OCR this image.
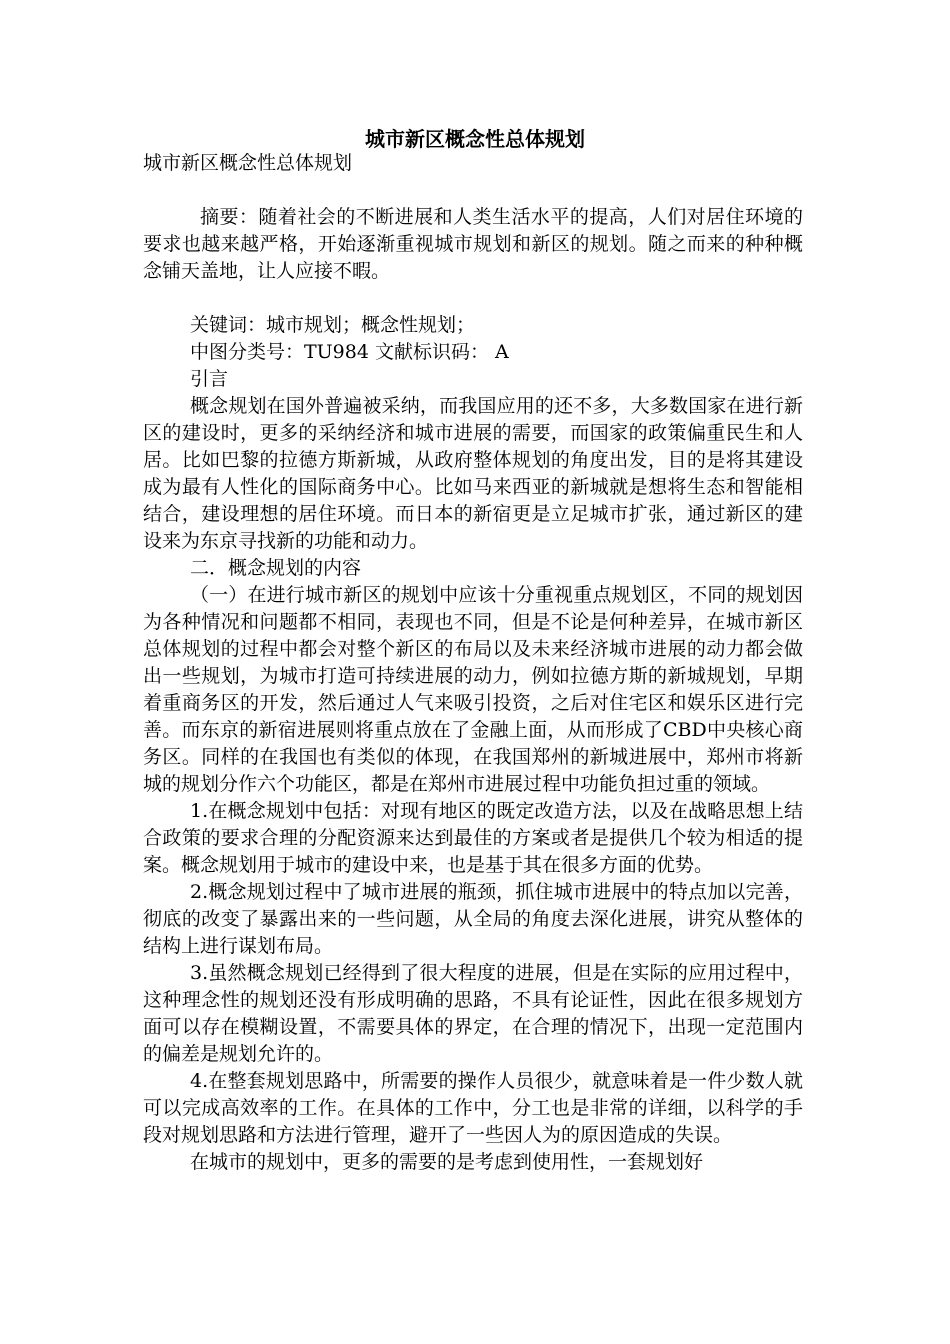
城市新区概念性总体规划

城市新区概念性总体规划

摘要：随着社会的不断进展和人类生活水平的提高，人们对居住环境的要求也越来越严格，开始逐渐重视城市规划和新区的规划。随之而来的种种概念铺天盖地，让人应接不暇。

关键词：城市规划；概念性规划；

中图分类号：TU984 文献标识码： A

引言

概念规划在国外普遍被采纳，而我国应用的还不多，大多数国家在进行新区的建设时，更多的采纳经济和城市进展的需要，而国家的政策偏重民生和人居。比如巴黎的拉德方斯新城，从政府整体规划的角度出发，目的是将其建设成为最有人性化的国际商务中心。比如马来西亚的新城就是想将生态和智能相结合，建设理想的居住环境。而日本的新宿更是立足城市扩张，通过新区的建设来为东京寻找新的功能和动力。

二．概念规划的内容

（一）在进行城市新区的规划中应该十分重视重点规划区，不同的规划因为各种情况和问题都不相同，表现也不同，但是不论是何种差异，在城市新区总体规划的过程中都会对整个新区的布局以及未来经济城市进展的动力都会做出一些规划，为城市打造可持续进展的动力，例如拉德方斯的新城规划，早期着重商务区的开发，然后通过人气来吸引投资，之后对住宅区和娱乐区进行完善。而东京的新宿进展则将重点放在了金融上面，从而形成了CBD中央核心商务区。同样的在我国也有类似的体现，在我国郑州的新城进展中，郑州市将新城的规划分作六个功能区，都是在郑州市进展过程中功能负担过重的领域。

1.在概念规划中包括：对现有地区的既定改造方法，以及在战略思想上结合政策的要求合理的分配资源来达到最佳的方案或者是提供几个较为相适的提案。概念规划用于城市的建设中来，也是基于其在很多方面的优势。

2.概念规划过程中了城市进展的瓶颈，抓住城市进展中的特点加以完善，彻底的改变了暴露出来的一些问题，从全局的角度去深化进展，讲究从整体的结构上进行谋划布局。

3.虽然概念规划已经得到了很大程度的进展，但是在实际的应用过程中，这种理念性的规划还没有形成明确的思路，不具有论证性，因此在很多规划方面可以存在模糊设置，不需要具体的界定，在合理的情况下，出现一定范围内的偏差是规划允许的。

4.在整套规划思路中，所需要的操作人员很少，就意味着是一件少数人就可以完成高效率的工作。在具体的工作中，分工也是非常的详细，以科学的手段对规划思路和方法进行管理，避开了一些因人为的原因造成的失误。

在城市的规划中，更多的需要的是考虑到使用性，一套规划好
